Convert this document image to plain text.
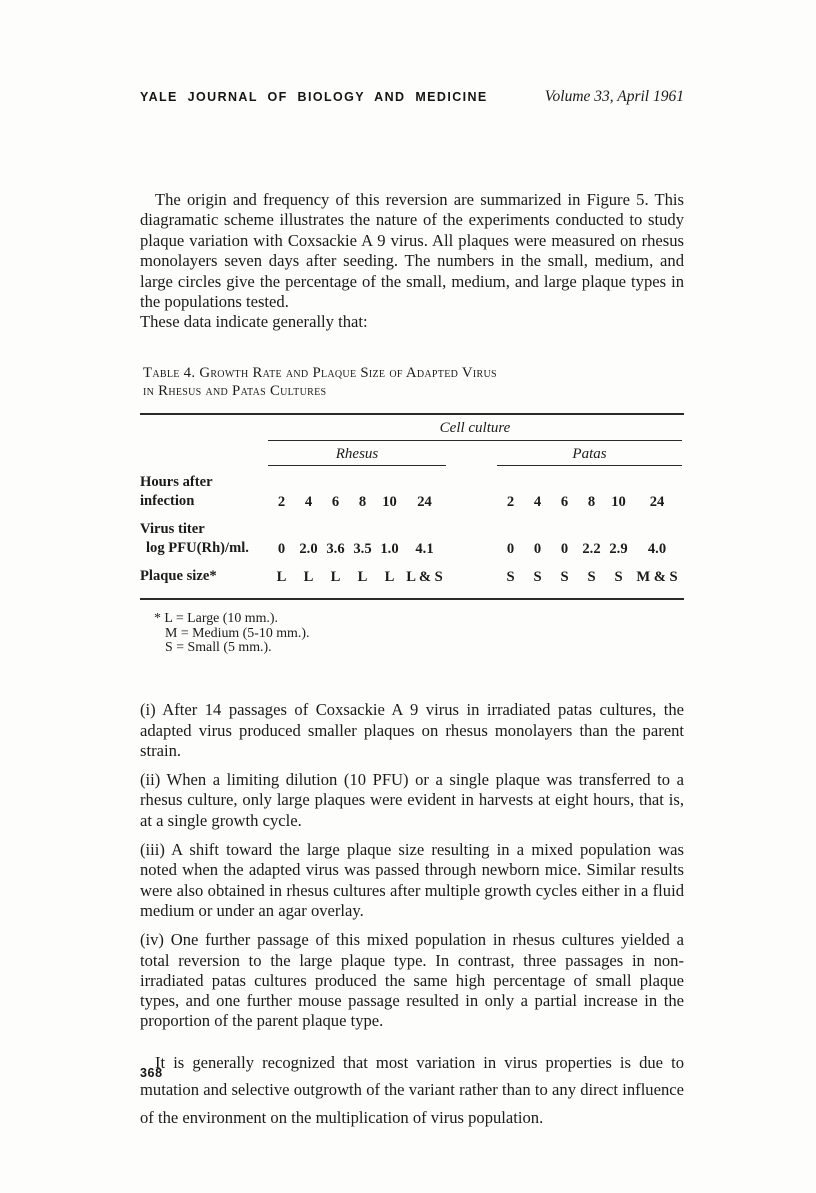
YALE JOURNAL OF BIOLOGY AND MEDICINE	Volume 33, April 1961

The origin and frequency of this reversion are summarized in Figure 5. This diagramatic scheme illustrates the nature of the experiments conducted to study plaque variation with Coxsackie A 9 virus. All plaques were measured on rhesus monolayers seven days after seeding. The numbers in the small, medium, and large circles give the percentage of the small, medium, and large plaque types in the populations tested.

These data indicate generally that:

Table 4. Growth Rate and Plaque Size of Adapted Virus
in Rhesus and Patas Cultures
Cell culture
Rhesus	Patas
Hours after
infection	2	4	6	8	10	24	2	4	6	8	10	24
Virus titer
log PFU(Rh)/ml.	0 2.0 3.6 3.5 1.0	4.1	0	0	0 2.2 2.9	4.0
Plaque size*	L	L	L	L	L L & S	S	S	S	S	S M & S
* L = Large (10 mm.).
M = Medium (5-10 mm.).
S = Small (5 mm.).

(i) After 14 passages of Coxsackie A 9 virus in irradiated patas cultures, the adapted virus produced smaller plaques on rhesus monolayers than the parent strain.

(ii) When a limiting dilution (10 PFU) or a single plaque was transferred to a rhesus culture, only large plaques were evident in harvests at eight hours, that is, at a single growth cycle.

(iii) A shift toward the large plaque size resulting in a mixed population was noted when the adapted virus was passed through newborn mice. Similar results were also obtained in rhesus cultures after multiple growth cycles either in a fluid medium or under an agar overlay.

(iv) One further passage of this mixed population in rhesus cultures yielded a total reversion to the large plaque type. In contrast, three passages in non-irradiated patas cultures produced the same high percentage of small plaque types, and one further mouse passage resulted in only a partial increase in the proportion of the parent plaque type.

It is generally recognized that most variation in virus properties is due to mutation and selective outgrowth of the variant rather than to any direct influence of the environment on the multiplication of virus population.

368
